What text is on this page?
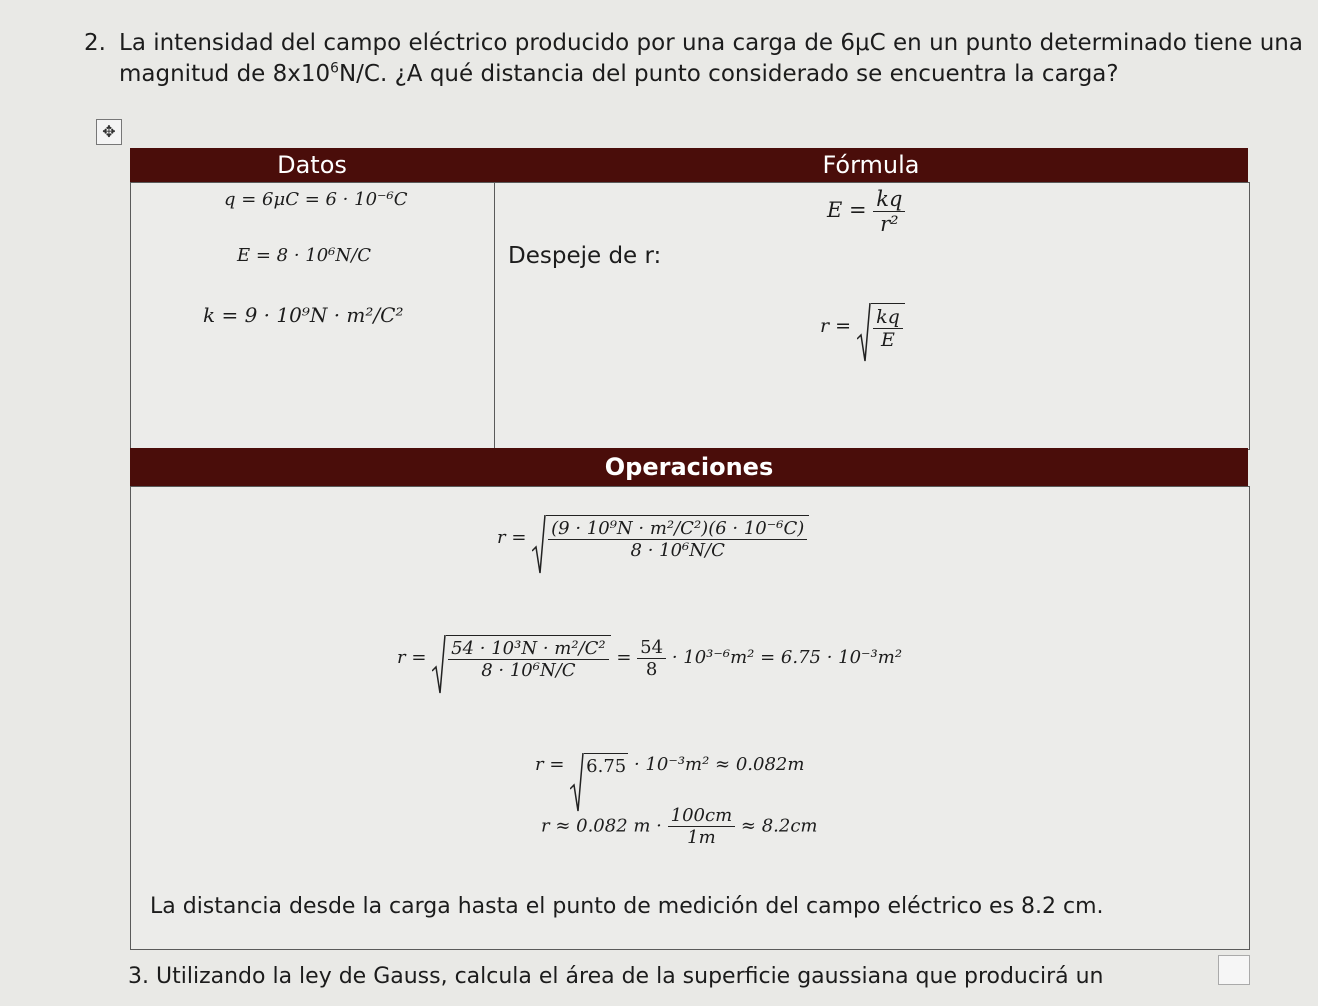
2. La intensidad del campo eléctrico producido por una carga de 6μC en un punto determinado tiene una magnitud de $8x10^6N/C$. ¿A qué distancia del punto considerado se encuentra la carga?
✥
Datos	Fórmula
q = 6μC = 6 · 10⁻⁶C
E = 8 · 10⁶N/C
k = 9 · 10⁹N · m²/C²
$E = \frac{kq}{\text{r²}}$
Despeje de r:
$r = \frac{kq}{E}$
Operaciones
$r = \frac{\text{(9 · 10⁹N · m²/C²)(6 · 10⁻⁶C)}}{\text{8 · 10⁶N/C}}$
$r = \frac{\text{54 · 10³N · m²/C²}}{\text{8 · 10⁶N/C}} = \frac{54}{8} \cdot 10^{3-6}m^2 = 6.75 \cdot 10^{-3}m^2$
r = 6.75 · 10⁻³m² ≈ 0.082m
r ≈ 0.082 $m \cdot \frac{100cm}{1m} \approx 8.2cm$
La distancia desde la carga hasta el punto de medición del campo eléctrico es 8.2 cm.
3. Utilizando la ley de Gauss, calcula el área de la superficie gaussiana que producirá un
